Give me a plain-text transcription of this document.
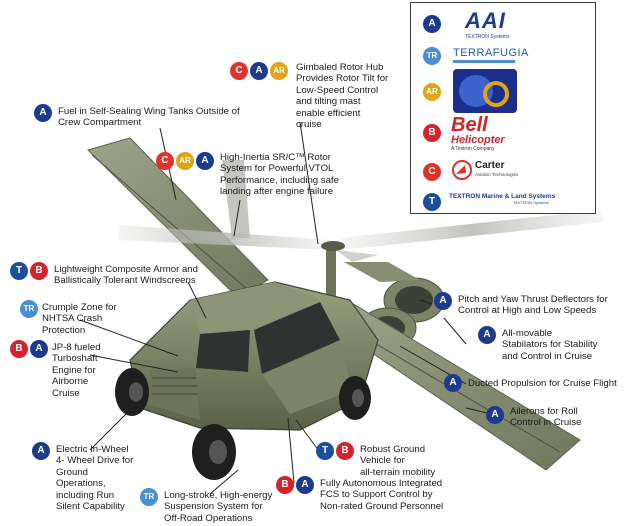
A AAI
TEXTRON Systems
TR	TERRAFUGIA
AR
B Bell
Helicopter
A Textron Company
C
Carter
Aviation Technologies
T	TEXTRON Marine & Land Systems
TEXTRON Systems
C	A	AR	Gimbaled Rotor Hub
Provides Rotor Tilt for
Low-Speed Control
and tilting mast
enable efficient
cruise
A	Fuel in Self-Sealing Wing Tanks Outside of
Crew Compartment
C	AR	A	High-Inertia SR/C™ Rotor
System for Powerful VTOL
Performance, including safe
landing after engine failure
T	B	Lightweight Composite Armor and
Ballistically Tolerant Windscreens
TR Crumple Zone for
NHTSA Crash
Protection
B	A JP-8 fueled
Turboshaft
Engine for
Airborne
Cruise
A	Pitch and Yaw Thrust Deflectors for
Control at High and Low Speeds
A	All-movable
Stabilators for Stability
and Control in Cruise
A	Ducted Propulsion for Cruise Flight
A	Ailerons for Roll
Control in Cruise
A	Electric In-Wheel
4- Wheel Drive for
Ground
Operations,
including Run
Silent Capability
T	B	Robust Ground
Vehicle for
all-terrain mobility
TR	Long-stroke, High-energy
Suspension System for
Off-Road Operations
B	A	Fully Autonomous Integrated
FCS to Support Control by
Non-rated Ground Personnel
